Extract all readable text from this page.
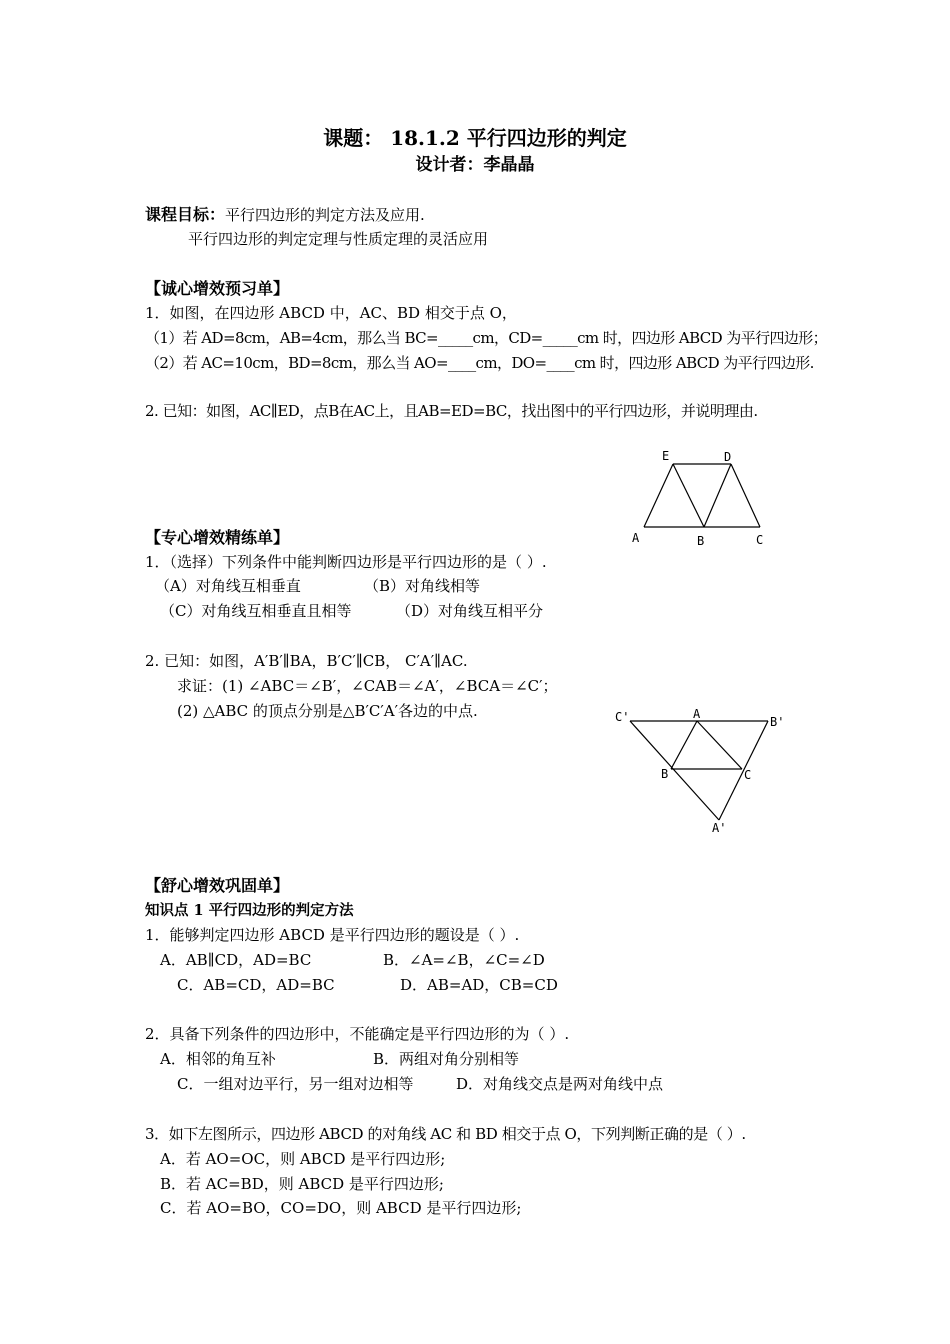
课题： 18.1.2 平行四边形的判定
设计者：李晶晶
课程目标：平行四边形的判定方法及应用.
平行四边形的判定定理与性质定理的灵活应用
【诚心增效预习单】
1．如图，在四边形 ABCD 中，AC、BD 相交于点 O，
（1）若 AD=8cm，AB=4cm，那么当 BC=_____cm，CD=_____cm 时，四边形 ABCD 为平行四边形；
（2）若 AC=10cm，BD=8cm，那么当 AO=____cm，DO=____cm 时，四边形 ABCD 为平行四边形.
2. 已知：如图，AC∥ED，点B在AC上，且AB=ED=BC，找出图中的平行四边形，并说明理由.
E	D
A	B	C
【专心增效精练单】
1．（选择）下列条件中能判断四边形是平行四边形的是（ ）.
（A）对角线互相垂直	（B）对角线相等
（C）对角线互相垂直且相等	（D）对角线互相平分
2. 已知：如图，A′B′∥BA，B′C′∥CB， C′A′∥AC.
求证：(1) ∠ABC＝∠B′，∠CAB＝∠A′，∠BCA＝∠C′；
(2) △ABC 的顶点分别是△B′C′A′各边的中点.	C'	A
B'
B	C
A'
【舒心增效巩固单】
知识点 1 平行四边形的判定方法
1．能够判定四边形 ABCD 是平行四边形的题设是（ ）.
A．AB∥CD，AD=BC	B．∠A=∠B，∠C=∠D
C．AB=CD，AD=BC	D．AB=AD，CB=CD
2．具备下列条件的四边形中，不能确定是平行四边形的为（ ）.
A．相邻的角互补	B．两组对角分别相等
C．一组对边平行，另一组对边相等	D．对角线交点是两对角线中点
3．如下左图所示，四边形 ABCD 的对角线 AC 和 BD 相交于点 O，下列判断正确的是（ ）.
A．若 AO=OC，则 ABCD 是平行四边形;
B．若 AC=BD，则 ABCD 是平行四边形;
C．若 AO=BO，CO=DO，则 ABCD 是平行四边形;
